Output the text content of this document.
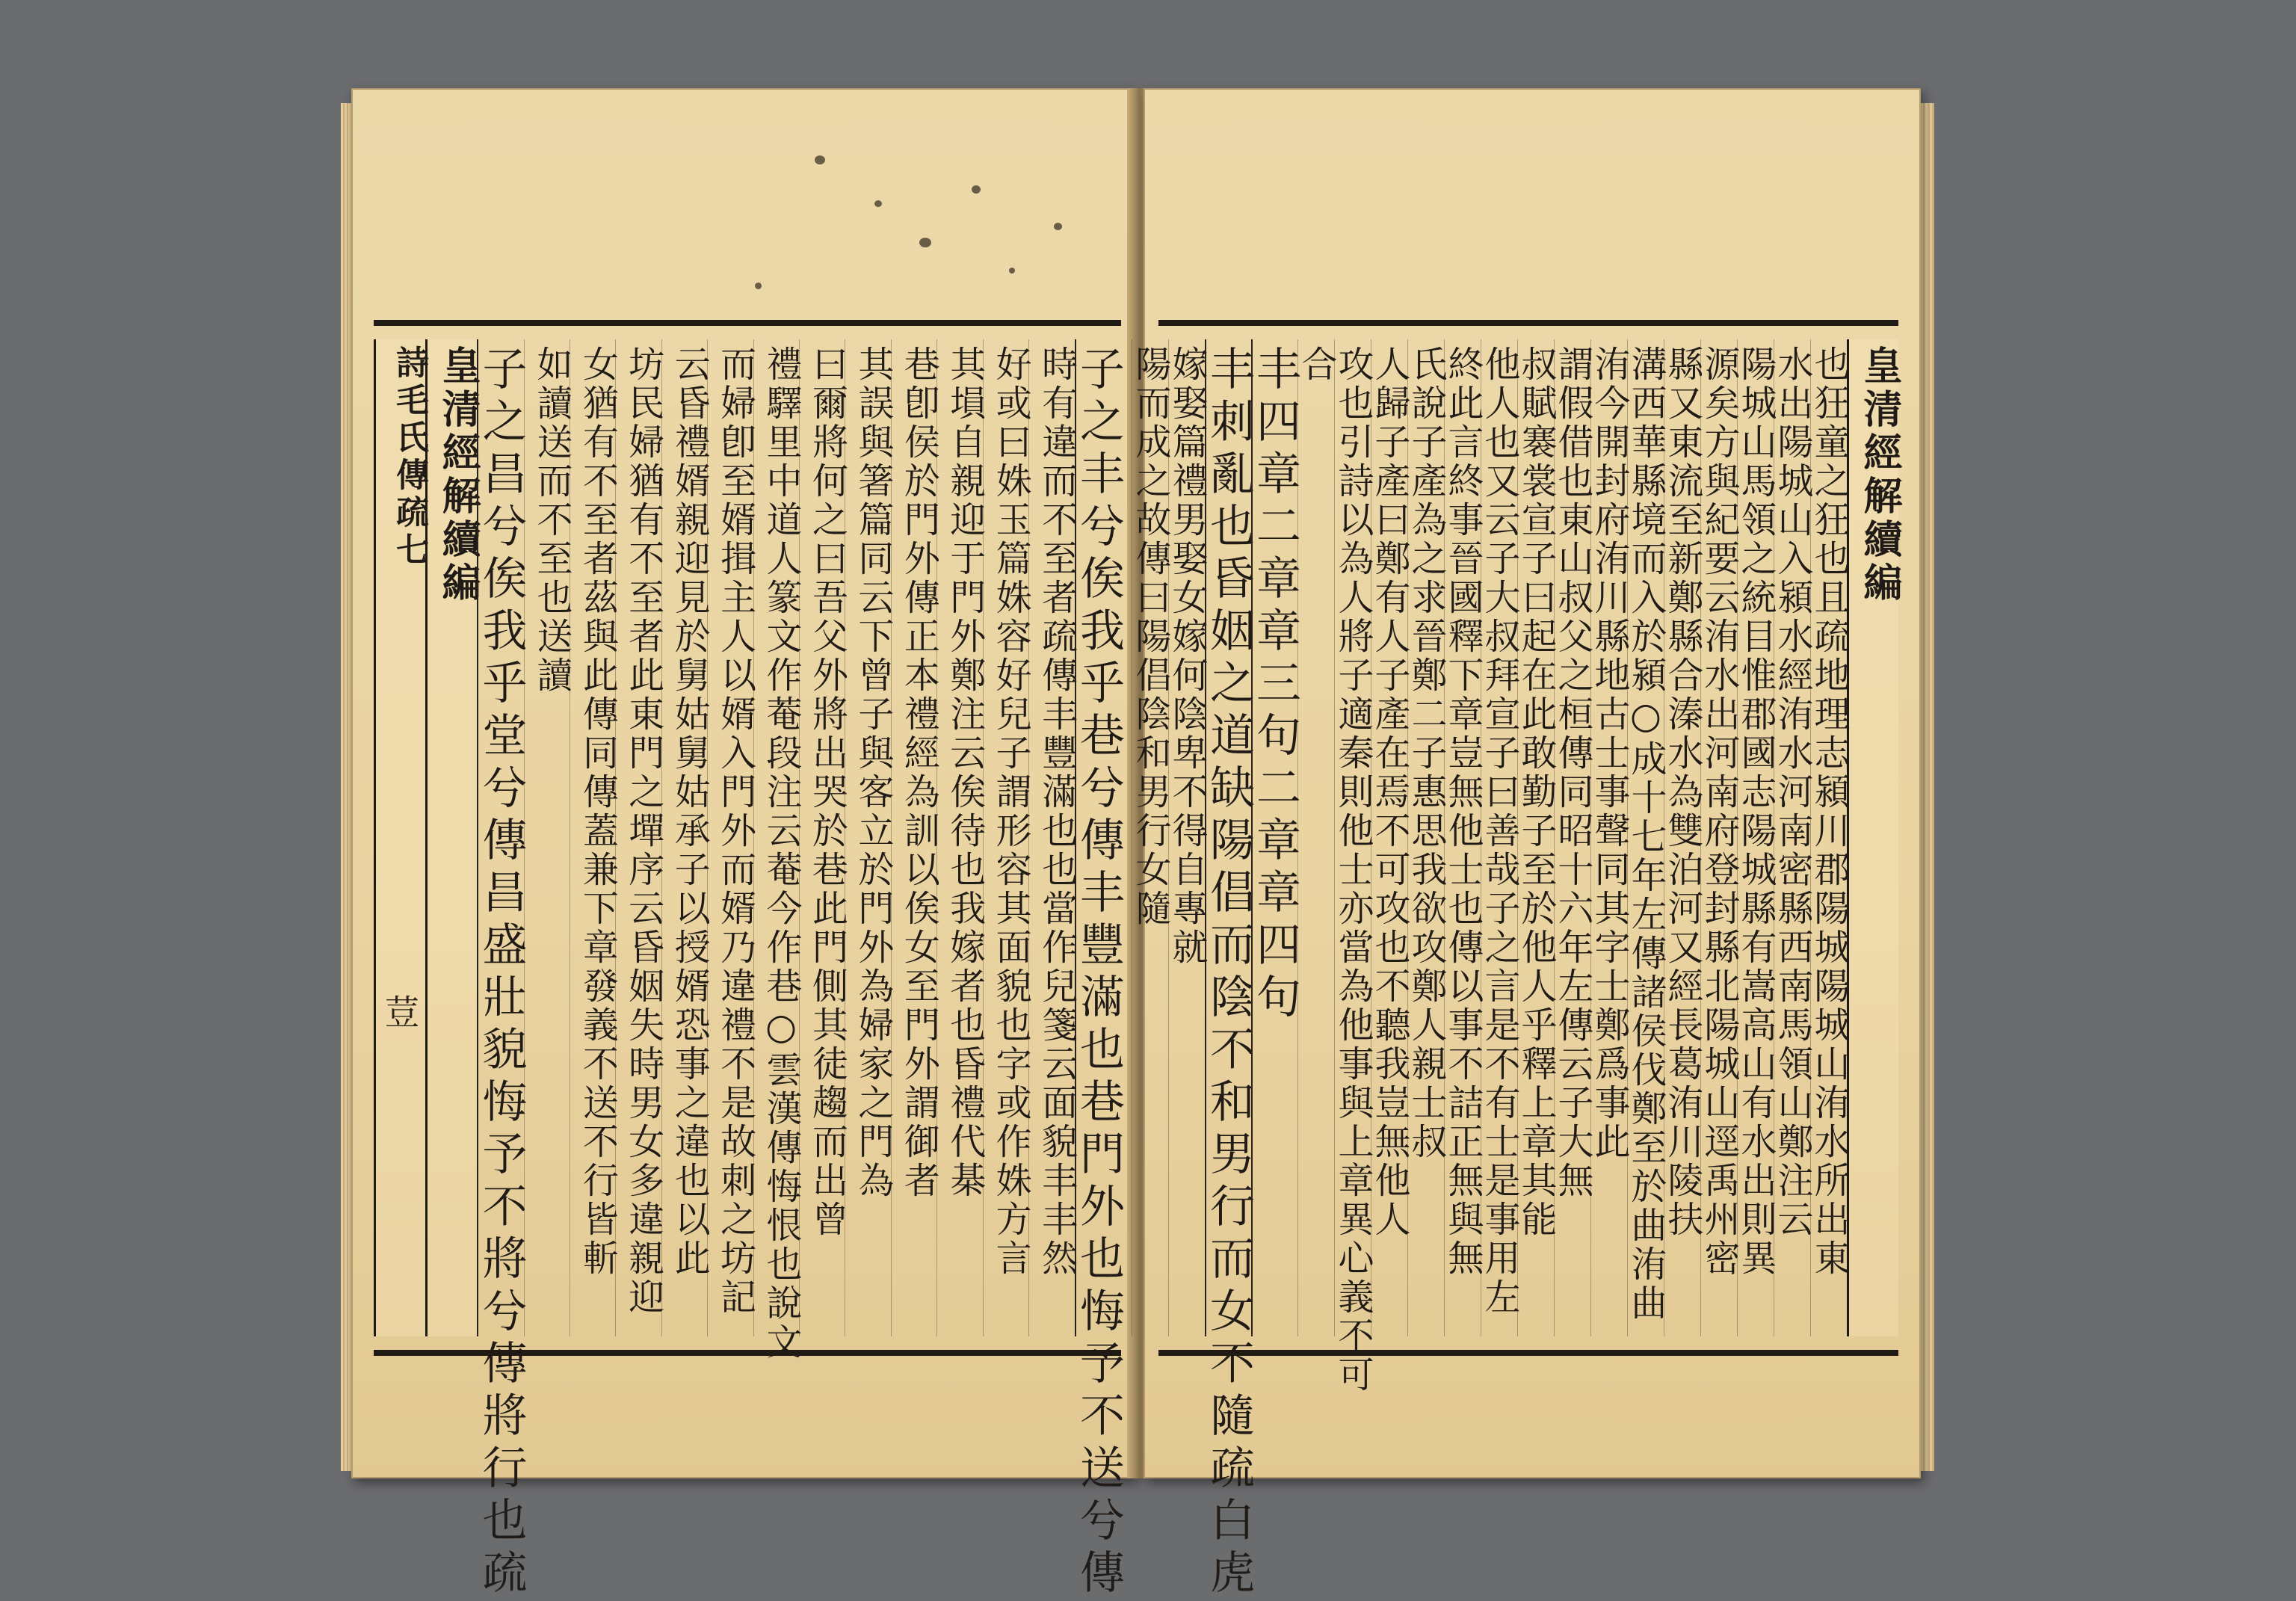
子之丰兮俟我乎巷兮傳丰豐滿也巷門外也悔予不送兮傳
時有違而不至者疏傳丰豐滿也也當作兒箋云面貌丰丰然
好或曰姝玉篇姝容好兒子謂形容其面貌也字或作姝方言
其塤自親迎于門外鄭注云俟待也我嫁者也昏禮代棊
巷卽侯於門外傳正本禮經為訓以俟女至門外謂御者
其誤與箸篇同云下曾子與客立於門外為婦家之門為
曰爾將何之曰吾父外將出哭於巷此門側其徒趨而出曾
禮驛里中道人篆文作菴段注云菴今作巷○雲漢傳悔恨也說文
而婦卽至婿揖主人以婿入門外而婿乃違禮不是故刺之坊記
云昏禮婿親迎見於舅姑舅姑承子以授婿恐事之違也以此
坊民婦猶有不至者此東門之墠序云昏姻失時男女多違親迎
女猶有不至者茲與此傳同傳蓋兼下章發義不送不行皆斬
如讀送而不至也送讀
子之昌兮俟我乎堂兮傳昌盛壯貌悔予不將兮傳將行也疏
皇清經解續編
詩毛氏傳疏七
荳
皇清經解續編
也狂童之狂也且疏地理志潁川郡陽城陽城山洧水所出東
水出陽城山入潁水經洧水河南密縣西南馬領山鄭注云
陽城山馬領之統目惟郡國志陽城縣有嵩高山有水出則異
源矣方與紀要云洧水出河南府登封縣北陽城山逕禹州密
縣又東流至新鄭縣合溱水為雙泊河又經長葛洧川陵扶
溝西華縣境而入於潁○成十七年左傳諸侯伐鄭至於曲洧曲
洧今開封府洧川縣地古士事聲同其字士鄭爲事此
謂假借也東山叔父之桓傳同昭十六年左傳云子大無
叔賦褰裳宣子曰起在此敢勤子至於他人乎釋上章其能
他人也又云子大叔拜宣子曰善哉子之言是不有士是事用左
終此言終事晉國釋下章豈無他士也傳以事不詰正無與無
氏說子產為之求晉鄭二子惠思我欲攻鄭人親士叔
人歸子產曰鄭有人子產在焉不可攻也不聽我豈無他人
攻也引詩以為人將子適秦則他士亦當為他事與上章異心義不可
合
丰四章二章章三句二章章四句
丰刺亂也昏姻之道缺陽倡而陰不和男行而女不隨疏白虎
嫁娶篇禮男娶女嫁何陰卑不得自專就
陽而成之故傳曰陽倡陰和男行女隨
